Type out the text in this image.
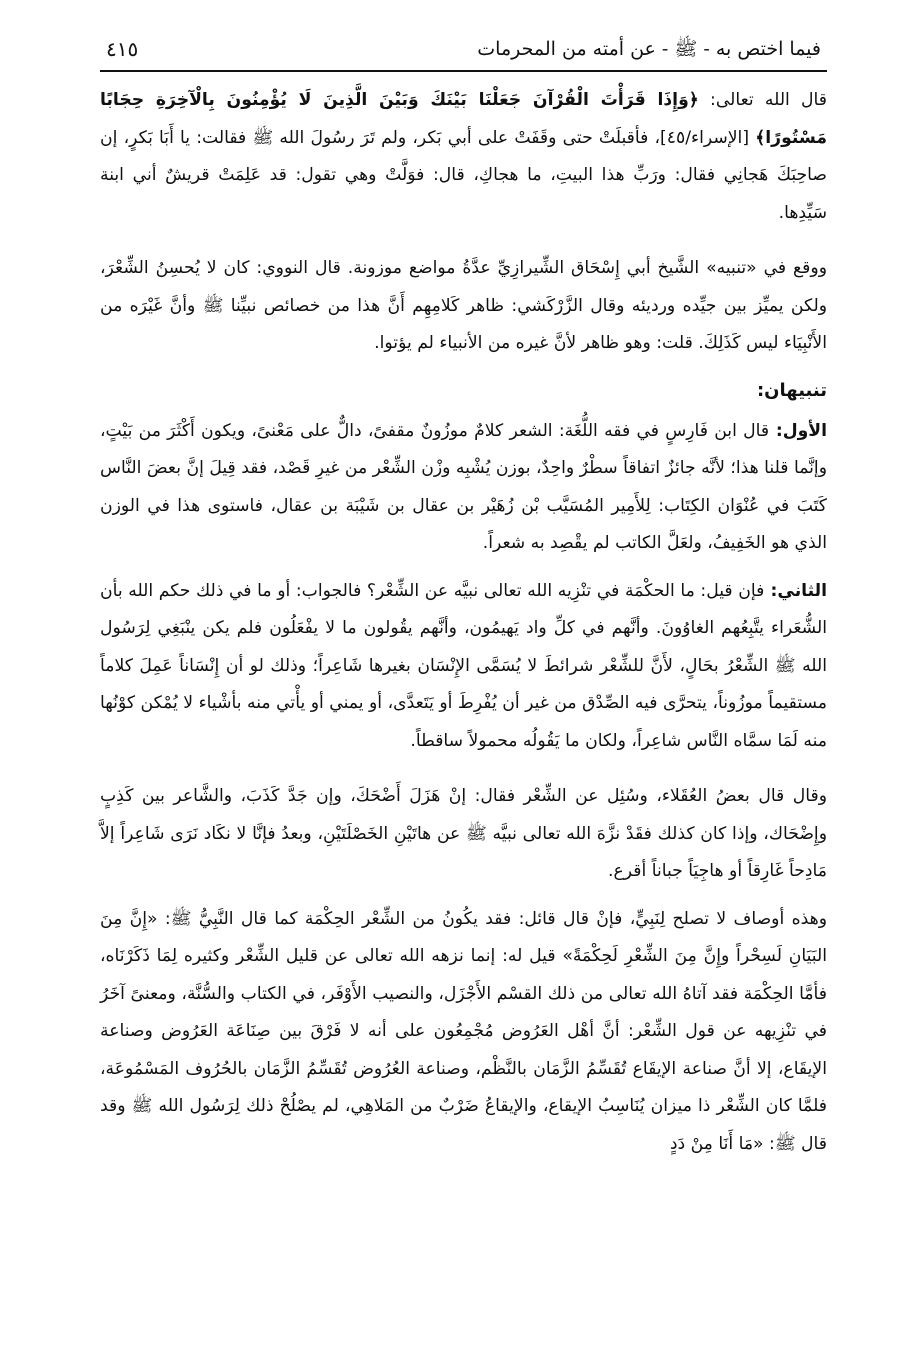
فيما اختص به - ﷺ - عن أمته من المحرمات
٤١٥

قال الله تعالى: ﴿وَإِذَا قَرَأْتَ الْقُرْآنَ جَعَلْنَا بَيْنَكَ وَبَيْنَ الَّذِينَ لَا يُؤْمِنُونَ بِالْآخِرَةِ حِجَابًا مَسْتُورًا﴾ [الإسراء/٤٥]، فأقبلَتْ حتى وقَفَتْ على أبي بَكر، ولم تَرَ رسُولَ الله ﷺ فقالت: يا أَبَا بَكرٍ، إن صاحِبَكَ هَجانِي فقال: ورَبِّ هذا البيتِ، ما هجاكِ، قال: فوَلَّتْ وهي تقول: قد عَلِمَتْ قريشٌ أني ابنة سَيِّدِها.

ووقع في «تنبيه» الشَّيخ أبي إِسْحَاق الشِّيرازِيِّ عدَّةُ مواضع موزونة. قال النووي: كان لا يُحسِنُ الشِّعْرَ، ولكن يميِّز بين جيِّده ورديئه وقال الزَّرْكَشي: ظاهر كَلامِهِم أَنَّ هذا من خصائص نبيِّنا ﷺ وأنَّ غَيْرَه من الأَنْبِيَاء ليس كَذَلِكَ. قلت: وهو ظاهر لأنَّ غيره من الأنبياء لم يؤتوا.

تنبيهان:

الأول: قال ابن فَارِسٍ في فقه اللُّغَة: الشعر كلامٌ موزُونٌ مقفىً، دالٌّ على مَعْنىً، ويكون أَكْثَرَ من بَيْتٍ، وإنَّما قلنا هذا؛ لأنَّه جائزٌ اتفاقاً سطْرٌ واحِدٌ، بوزن يُشْبِه وزْن الشِّعْر من غيرِ قَصْد، فقد قِيلَ إنَّ بعضَ النَّاس كَتَبَ في عُنْوَان الكِتَاب: لِلأَمِير المُسَيَّب بْن زُهَيْر بن عقال بن شَيْبَة بن عقال، فاستوى هذا في الوزن الذي هو الخَفِيفُ، ولعَلَّ الكاتب لم يقْصِد به شعراً.

الثاني: فإن قيل: ما الحكْمَة في تنْزِيه الله تعالى نبيَّه عن الشِّعْر؟ فالجواب: أو ما في ذلك حكم الله بأن الشُّعَراء يتَّبِعُهم الغاوُونَ. وأنَّهم في كلِّ واد يَهيمُون، وأنَّهم يقُولون ما لا يفْعَلُون فلم يكن ينْبَغِي لِرَسُول الله ﷺ الشِّعْرُ بحَالٍ، لأَنَّ للشِّعْر شرائطَ لا يُسَمَّى الإِنْسَان بغيرها شَاعِراً؛ وذلك لو أن إِنْسَاناً عَمِلَ كلاماً مستقيماً موزُوناً، يتحرَّى فيه الصِّدْق من غير أن يُفْرِطَ أو يَتَعدَّى، أو يمني أو يأْتي منه بأشْياء لا يُمْكن كوْنُها منه لَمَا سمَّاه النَّاس شاعِراً، ولكان ما يَقُولُه محمولاً ساقطاً.

وقال قال بعضُ العُقَلاء، وسُئِل عن الشِّعْر فقال: إنْ هَزَلَ أَضْحَكَ، وإن جَدَّ كَذَبَ، والشَّاعر بين كَذِبٍ وإِضْحَاك، وإذا كان كذلك فقَدْ نزَّهَ الله تعالى نبيَّه ﷺ عن هاتَيْنِ الخَصْلَتَيْنِ، وبعدُ فإنَّا لا نكَاد نَرَى شَاعِراً إلاَّ مَادِحاً غَارِقاً أو هاجِيَاً جباناً أقرع.

وهذه أوصاف لا تصلح لِنَبِيٍّ، فإنْ قال قائل: فقد يكُونُ من الشِّعْر الحِكْمَة كما قال النَّبِيُّ ﷺ: «إِنَّ مِنَ البَيَانِ لَسِحْراً وإِنَّ مِنَ الشِّعْرِ لَحِكْمَةً» قيل له: إنما نزهه الله تعالى عن قليل الشِّعْر وكثيره لِمَا ذَكَرْنَاه، فأمَّا الحِكْمَة فقد آتاهُ الله تعالى من ذلك القسْم الأَجْزَل، والنصيب الأَوْفَر، في الكتاب والسُّنَّة، ومعنىً آخَرُ في تنْزِيهه عن قول الشِّعْر: أنَّ أهْل العَرُوض مُجْمِعُون على أنه لا فَرْقَ بين صِنَاعَة العَرُوض وصناعة الإيقَاع، إلا أنَّ صناعة الإيقَاع تُقَسِّمُ الزَّمَان بالنَّظْم، وصناعة العُرُوض تُقَسِّمُ الزَّمَان بالحُرُوف المَسْمُوعَة، فلمَّا كان الشِّعْر ذا ميزان يُنَاسِبُ الإيقاع، والإيقاعُ ضَرْبٌ من المَلاهِي، لم يصْلُحْ ذلك لِرَسُول الله ﷺ وقد قال ﷺ: «مَا أَنَا مِنْ دَدٍ
